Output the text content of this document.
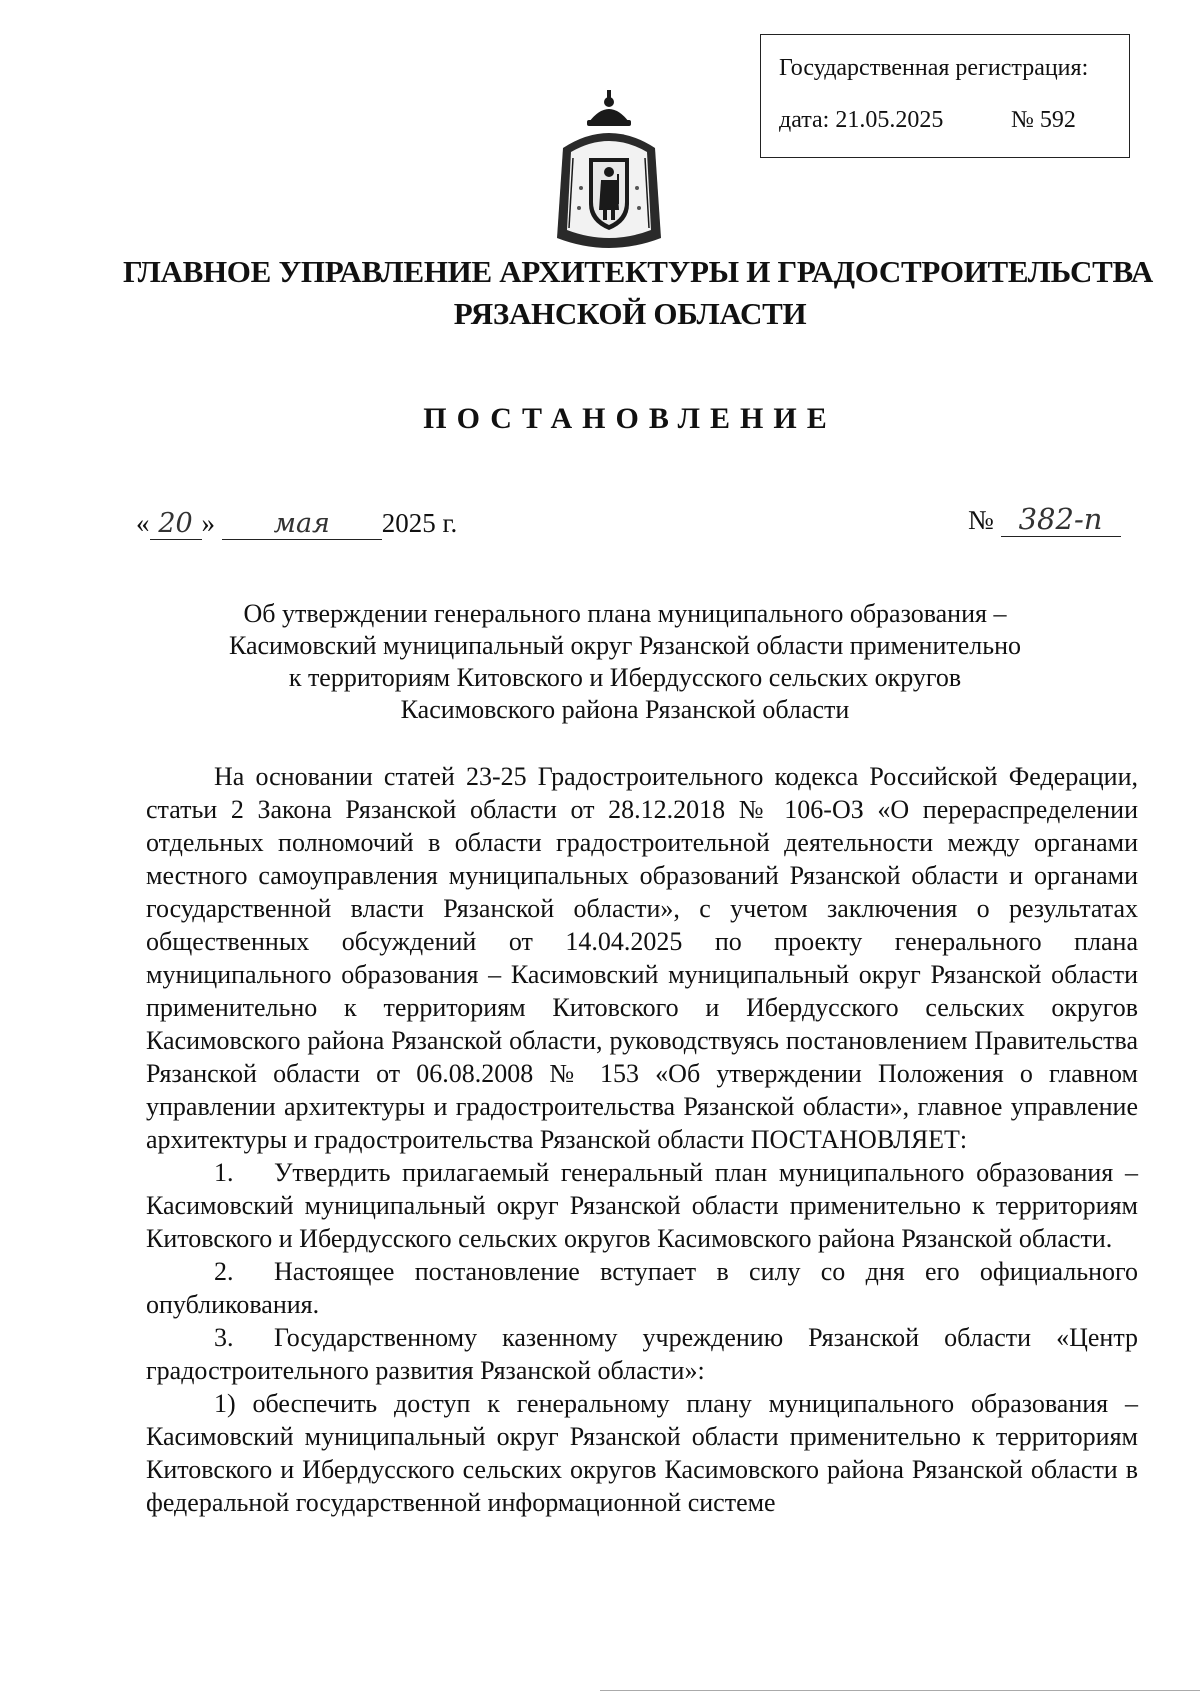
Государственная регистрация:
дата: 21.05.2025	№ 592
ГЛАВНОЕ УПРАВЛЕНИЕ АРХИТЕКТУРЫ И ГРАДОСТРОИТЕЛЬСТВА
РЯЗАНСКОЙ ОБЛАСТИ
ПОСТАНОВЛЕНИЕ
« 20 » мая 2025 г.	№ 382-п
Об утверждении генерального плана муниципального образования –
Касимовский муниципальный округ Рязанской области применительно
к территориям Китовского и Ибердусского сельских округов
Касимовского района Рязанской области

На основании статей 23-25 Градостроительного кодекса Российской Федерации, статьи 2 Закона Рязанской области от 28.12.2018 № 106-ОЗ «О перераспределении отдельных полномочий в области градостроительной деятельности между органами местного самоуправления муниципальных образований Рязанской области и органами государственной власти Рязанской области», с учетом заключения о результатах общественных обсуждений от 14.04.2025 по проекту генерального плана муниципального образования – Касимовский муниципальный округ Рязанской области применительно к территориям Китовского и Ибердусского сельских округов Касимовского района Рязанской области, руководствуясь постановлением Правительства Рязанской области от 06.08.2008 № 153 «Об утверждении Положения о главном управлении архитектуры и градостроительства Рязанской области», главное управление архитектуры и градостроительства Рязанской области ПОСТАНОВЛЯЕТ:

1. Утвердить прилагаемый генеральный план муниципального образования – Касимовский муниципальный округ Рязанской области применительно к территориям Китовского и Ибердусского сельских округов Касимовского района Рязанской области.

2. Настоящее постановление вступает в силу со дня его официального опубликования.

3. Государственному казенному учреждению Рязанской области «Центр градостроительного развития Рязанской области»:

1) обеспечить доступ к генеральному плану муниципального образования – Касимовский муниципальный округ Рязанской области применительно к территориям Китовского и Ибердусского сельских округов Касимовского района Рязанской области в федеральной государственной информационной системе
